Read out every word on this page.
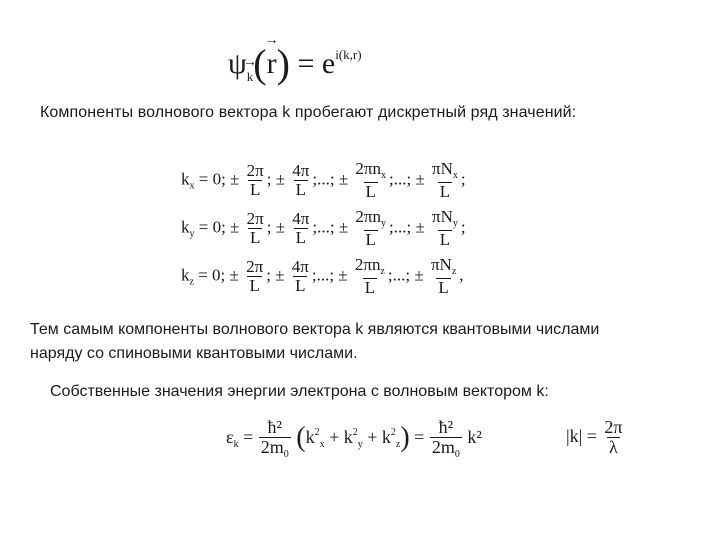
$\psi\to _k(\to r) = e^{i(k,r)}$
Компоненты волнового вектора k пробегают дискретный ряд значений:
$k_x = 0$; ± $\frac{2\pi}{L}$ ; ± $\frac{4\pi}{L}$ ;...; ± $\frac{2\pi n_x}{L}$ ;...; ± $\frac{\pi N_x}{L}$ ;
$k_y = 0$; ± $\frac{2\pi}{L}$ ; ± $\frac{4\pi}{L}$ ;...; ± $\frac{2\pi n_y}{L}$ ;...; ± $\frac{\pi N_y}{L}$ ;
$k_z = 0$; ± $\frac{2\pi}{L}$ ; ± $\frac{4\pi}{L}$ ;...; ± $\frac{2\pi n_z}{L}$ ;...; ± $\frac{\pi N_z}{L}$ ,
Тем самым компоненты волнового вектора k являются квантовыми числами
наряду со спиновыми квантовыми числами.
Собственные значения энергии электрона с волновым вектором k:
$\varepsilon_k = \frac{\text{ħ²}}{2m_0} (k^2_x + k^2_y + k^2_z) = \frac{\text{ħ²}}{2m_0} k^2$	$|k| = \frac{2\pi}{\lambda}$
